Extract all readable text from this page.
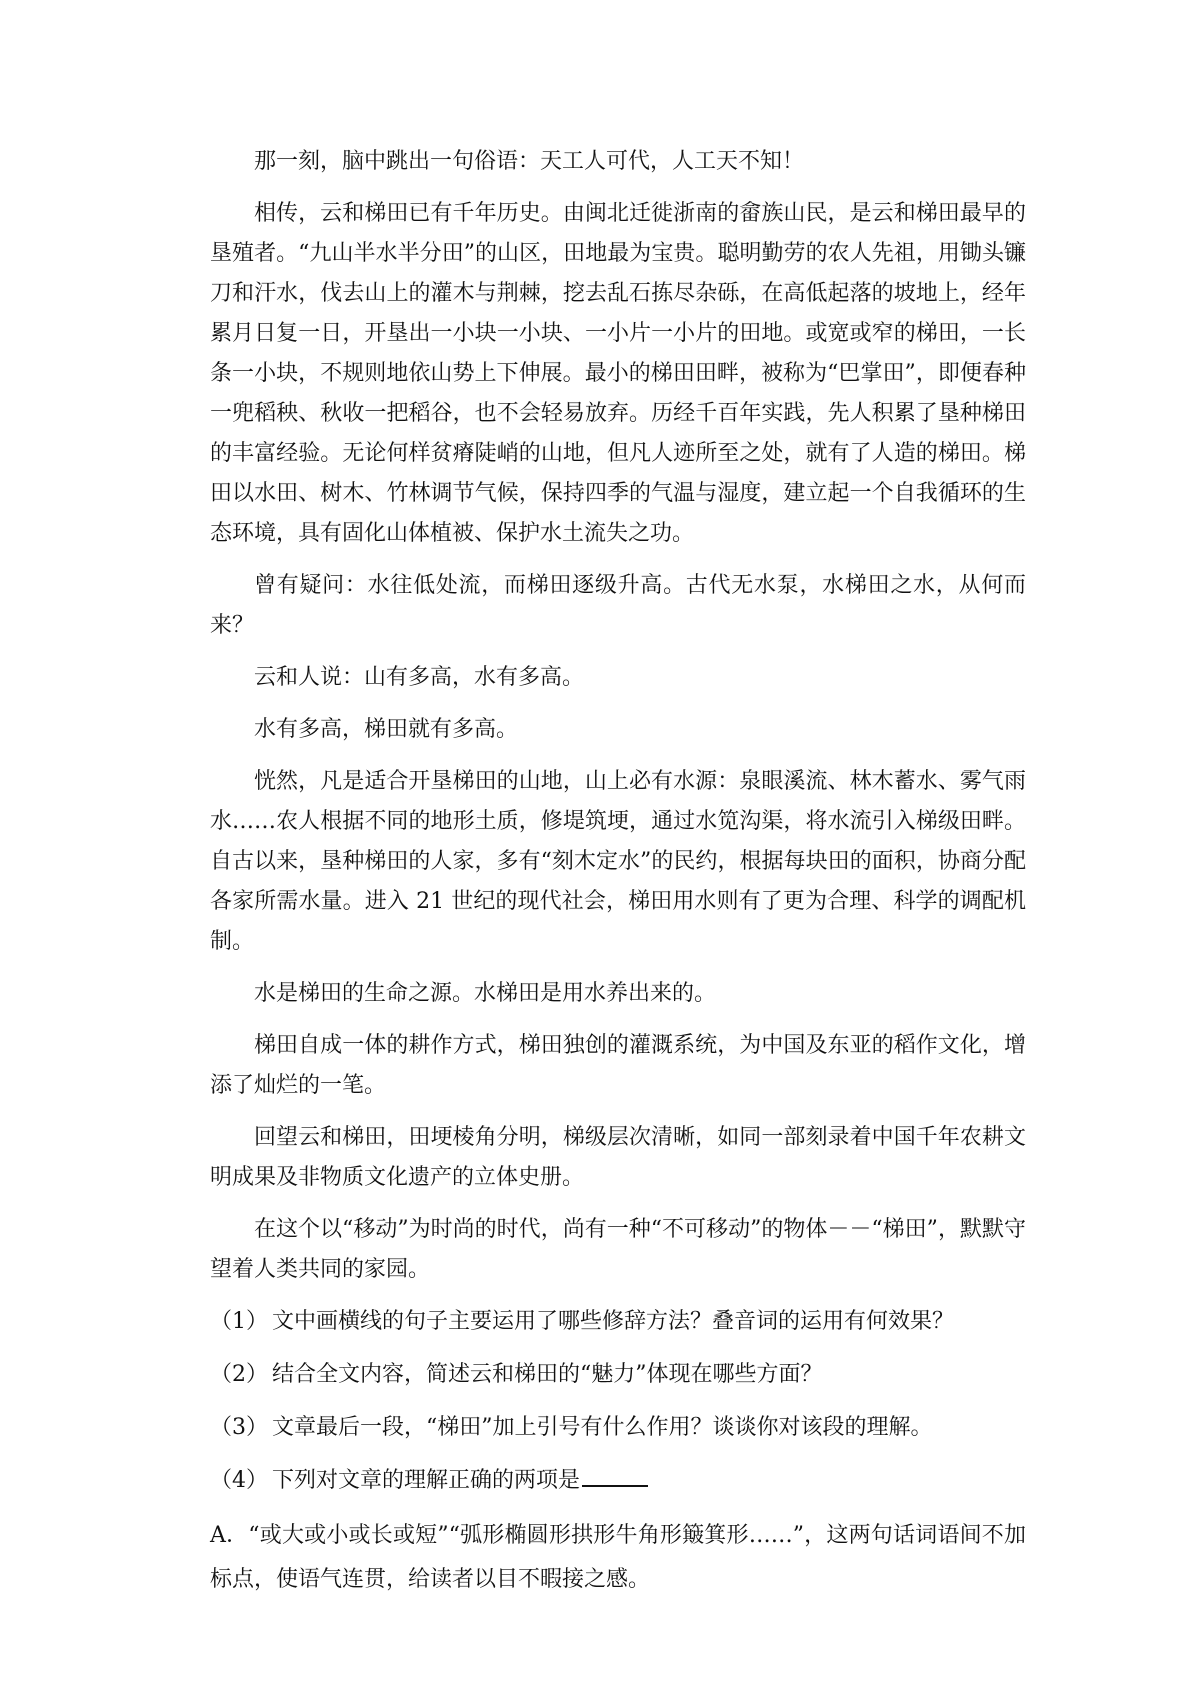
那一刻，脑中跳出一句俗语：天工人可代，人工天不知！

相传，云和梯田已有千年历史。由闽北迁徙浙南的畲族山民，是云和梯田最早的垦殖者。“九山半水半分田”的山区，田地最为宝贵。聪明勤劳的农人先祖，用锄头镰刀和汗水，伐去山上的灌木与荆棘，挖去乱石拣尽杂砾，在高低起落的坡地上，经年累月日复一日，开垦出一小块一小块、一小片一小片的田地。或宽或窄的梯田，一长条一小块，不规则地依山势上下伸展。最小的梯田田畔，被称为“巴掌田”，即便春种一兜稻秧、秋收一把稻谷，也不会轻易放弃。历经千百年实践，先人积累了垦种梯田的丰富经验。无论何样贫瘠陡峭的山地，但凡人迹所至之处，就有了人造的梯田。梯田以水田、树木、竹林调节气候，保持四季的气温与湿度，建立起一个自我循环的生态环境，具有固化山体植被、保护水土流失之功。

曾有疑问：水往低处流，而梯田逐级升高。古代无水泵，水梯田之水，从何而来？

云和人说：山有多高，水有多高。

水有多高，梯田就有多高。

恍然，凡是适合开垦梯田的山地，山上必有水源：泉眼溪流、林木蓄水、雾气雨水……农人根据不同的地形土质，修堤筑埂，通过水笕沟渠，将水流引入梯级田畔。自古以来，垦种梯田的人家，多有“刻木定水”的民约，根据每块田的面积，协商分配各家所需水量。进入 21 世纪的现代社会，梯田用水则有了更为合理、科学的调配机制。

水是梯田的生命之源。水梯田是用水养出来的。

梯田自成一体的耕作方式，梯田独创的灌溉系统，为中国及东亚的稻作文化，增添了灿烂的一笔。

回望云和梯田，田埂棱角分明，梯级层次清晰，如同一部刻录着中国千年农耕文明成果及非物质文化遗产的立体史册。

在这个以“移动”为时尚的时代，尚有一种“不可移动”的物体－－“梯田”，默默守望着人类共同的家园。

（1） 文中画横线的句子主要运用了哪些修辞方法？叠音词的运用有何效果？

（2） 结合全文内容，简述云和梯田的“魅力”体现在哪些方面？

（3） 文章最后一段，“梯田”加上引号有什么作用？谈谈你对该段的理解。

（4） 下列对文章的理解正确的两项是

A．“或大或小或长或短”“弧形椭圆形拱形牛角形簸箕形……”，这两句话词语间不加标点，使语气连贯，给读者以目不暇接之感。
